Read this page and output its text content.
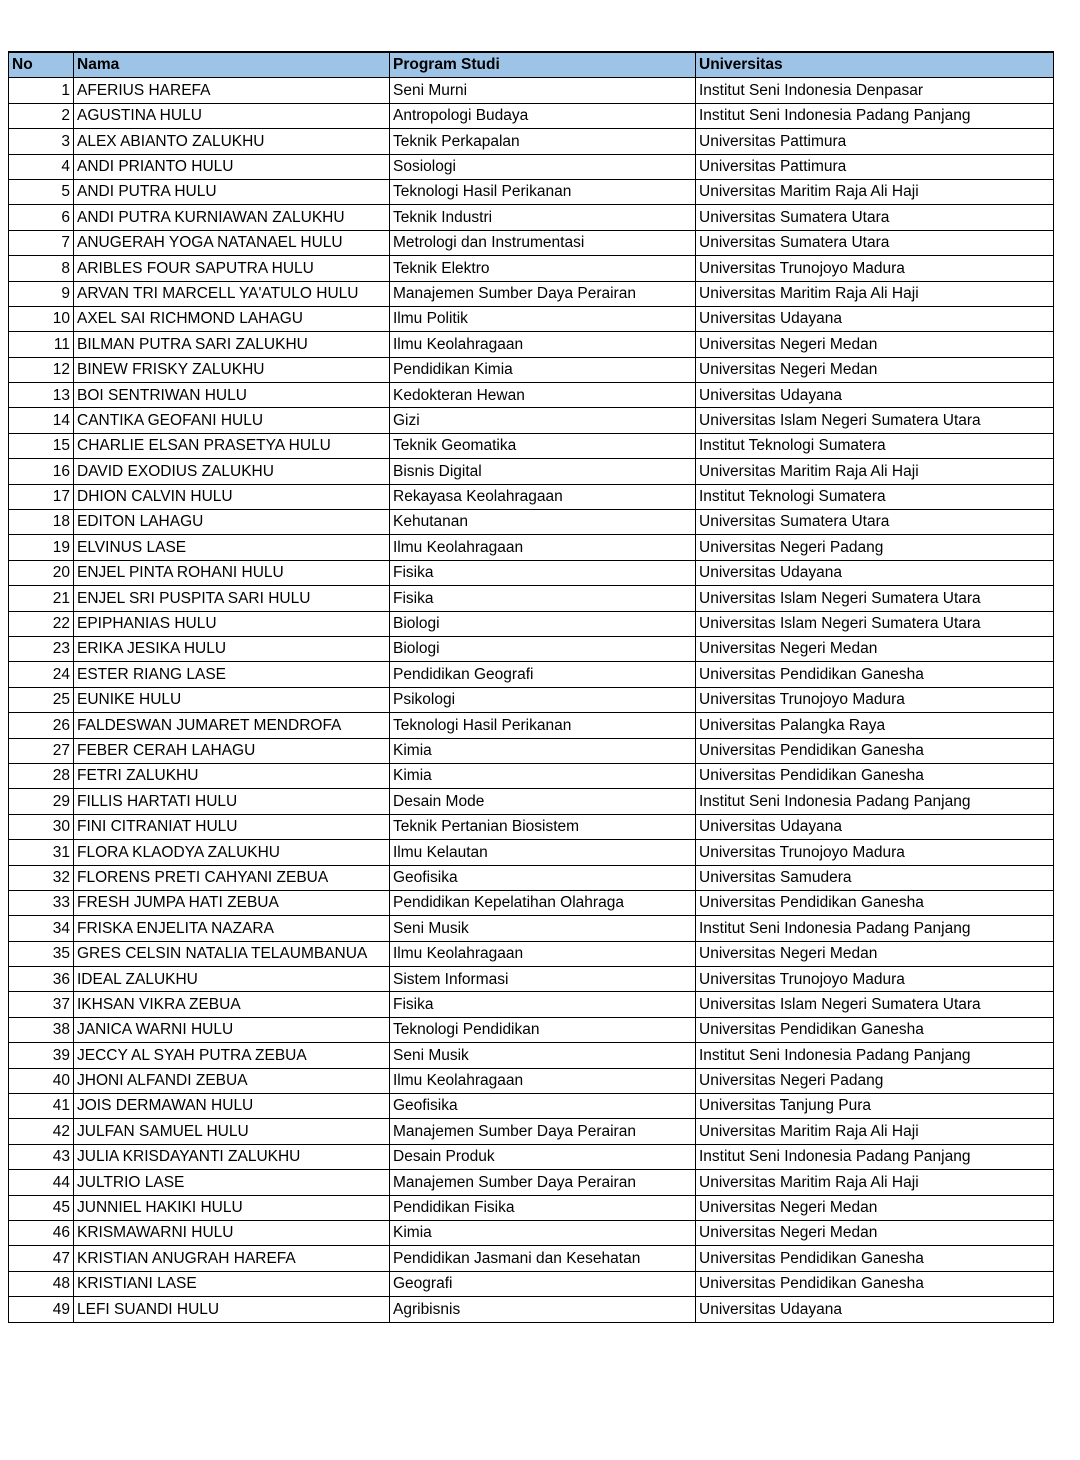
No	Nama	Program Studi	Universitas
1	AFERIUS HAREFA	Seni Murni	Institut Seni Indonesia Denpasar
2	AGUSTINA HULU	Antropologi Budaya	Institut Seni Indonesia Padang Panjang
3	ALEX ABIANTO ZALUKHU	Teknik Perkapalan	Universitas Pattimura
4	ANDI PRIANTO HULU	Sosiologi	Universitas Pattimura
5	ANDI PUTRA HULU	Teknologi Hasil Perikanan	Universitas Maritim Raja Ali Haji
6	ANDI PUTRA KURNIAWAN ZALUKHU	Teknik Industri	Universitas Sumatera Utara
7	ANUGERAH YOGA NATANAEL HULU	Metrologi dan Instrumentasi	Universitas Sumatera Utara
8	ARIBLES FOUR SAPUTRA HULU	Teknik Elektro	Universitas Trunojoyo Madura
9	ARVAN TRI MARCELL YA'ATULO HULU	Manajemen Sumber Daya Perairan	Universitas Maritim Raja Ali Haji
10	AXEL SAI RICHMOND LAHAGU	Ilmu Politik	Universitas Udayana
11	BILMAN PUTRA SARI ZALUKHU	Ilmu Keolahragaan	Universitas Negeri Medan
12	BINEW FRISKY ZALUKHU	Pendidikan Kimia	Universitas Negeri Medan
13	BOI SENTRIWAN HULU	Kedokteran Hewan	Universitas Udayana
14	CANTIKA GEOFANI HULU	Gizi	Universitas Islam Negeri Sumatera Utara
15	CHARLIE ELSAN PRASETYA HULU	Teknik Geomatika	Institut Teknologi Sumatera
16	DAVID EXODIUS ZALUKHU	Bisnis Digital	Universitas Maritim Raja Ali Haji
17	DHION CALVIN HULU	Rekayasa Keolahragaan	Institut Teknologi Sumatera
18	EDITON LAHAGU	Kehutanan	Universitas Sumatera Utara
19	ELVINUS LASE	Ilmu Keolahragaan	Universitas Negeri Padang
20	ENJEL PINTA ROHANI HULU	Fisika	Universitas Udayana
21	ENJEL SRI PUSPITA SARI HULU	Fisika	Universitas Islam Negeri Sumatera Utara
22	EPIPHANIAS HULU	Biologi	Universitas Islam Negeri Sumatera Utara
23	ERIKA JESIKA HULU	Biologi	Universitas Negeri Medan
24	ESTER RIANG LASE	Pendidikan Geografi	Universitas Pendidikan Ganesha
25	EUNIKE HULU	Psikologi	Universitas Trunojoyo Madura
26	FALDESWAN JUMARET MENDROFA	Teknologi Hasil Perikanan	Universitas Palangka Raya
27	FEBER CERAH LAHAGU	Kimia	Universitas Pendidikan Ganesha
28	FETRI ZALUKHU	Kimia	Universitas Pendidikan Ganesha
29	FILLIS HARTATI HULU	Desain Mode	Institut Seni Indonesia Padang Panjang
30	FINI CITRANIAT HULU	Teknik Pertanian Biosistem	Universitas Udayana
31	FLORA KLAODYA ZALUKHU	Ilmu Kelautan	Universitas Trunojoyo Madura
32	FLORENS PRETI CAHYANI ZEBUA	Geofisika	Universitas Samudera
33	FRESH JUMPA HATI ZEBUA	Pendidikan Kepelatihan Olahraga	Universitas Pendidikan Ganesha
34	FRISKA ENJELITA NAZARA	Seni Musik	Institut Seni Indonesia Padang Panjang
35	GRES CELSIN NATALIA TELAUMBANUA	Ilmu Keolahragaan	Universitas Negeri Medan
36	IDEAL ZALUKHU	Sistem Informasi	Universitas Trunojoyo Madura
37	IKHSAN VIKRA ZEBUA	Fisika	Universitas Islam Negeri Sumatera Utara
38	JANICA WARNI HULU	Teknologi Pendidikan	Universitas Pendidikan Ganesha
39	JECCY AL SYAH PUTRA ZEBUA	Seni Musik	Institut Seni Indonesia Padang Panjang
40	JHONI ALFANDI ZEBUA	Ilmu Keolahragaan	Universitas Negeri Padang
41	JOIS DERMAWAN HULU	Geofisika	Universitas Tanjung Pura
42	JULFAN SAMUEL HULU	Manajemen Sumber Daya Perairan	Universitas Maritim Raja Ali Haji
43	JULIA KRISDAYANTI ZALUKHU	Desain Produk	Institut Seni Indonesia Padang Panjang
44	JULTRIO LASE	Manajemen Sumber Daya Perairan	Universitas Maritim Raja Ali Haji
45	JUNNIEL HAKIKI HULU	Pendidikan Fisika	Universitas Negeri Medan
46	KRISMAWARNI HULU	Kimia	Universitas Negeri Medan
47	KRISTIAN ANUGRAH HAREFA	Pendidikan Jasmani dan Kesehatan	Universitas Pendidikan Ganesha
48	KRISTIANI LASE	Geografi	Universitas Pendidikan Ganesha
49	LEFI SUANDI HULU	Agribisnis	Universitas Udayana
